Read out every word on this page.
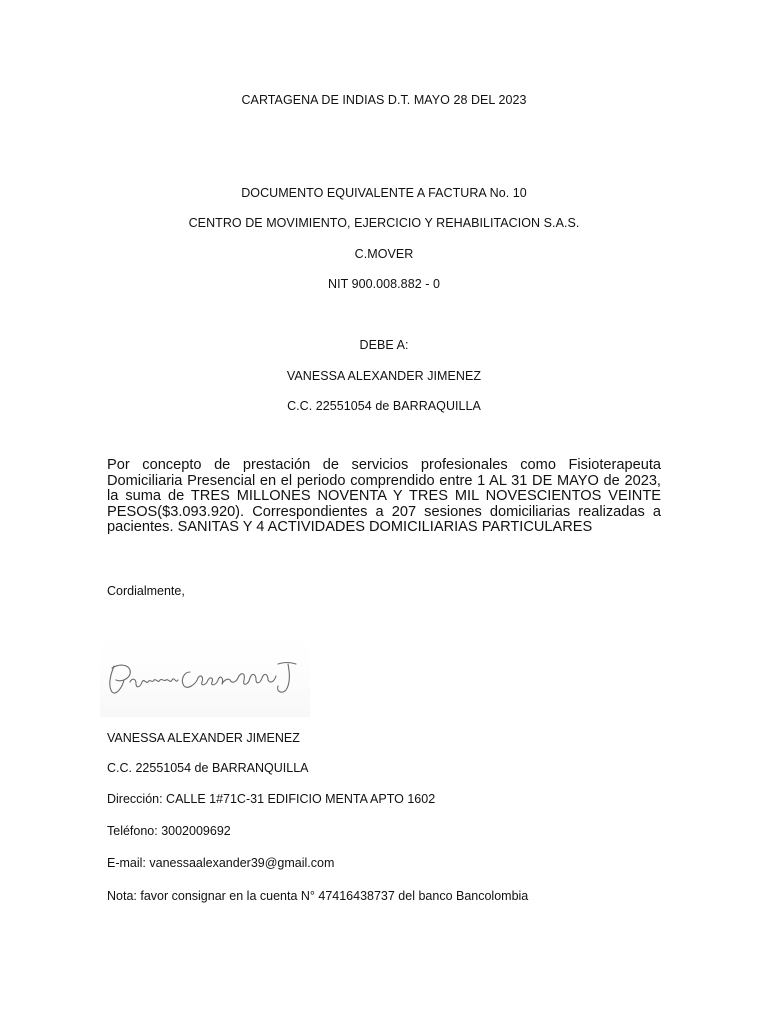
CARTAGENA DE INDIAS D.T. MAYO 28 DEL 2023
DOCUMENTO EQUIVALENTE A FACTURA No. 10
CENTRO DE MOVIMIENTO, EJERCICIO Y REHABILITACION S.A.S.
C.MOVER
NIT 900.008.882 - 0
DEBE A:
VANESSA ALEXANDER JIMENEZ
C.C. 22551054 de BARRAQUILLA
Por concepto de prestación de servicios profesionales como Fisioterapeuta Domiciliaria Presencial en el periodo comprendido entre 1 AL 31 DE MAYO de 2023, la suma de TRES MILLONES NOVENTA Y TRES MIL NOVESCIENTOS VEINTE PESOS($3.093.920). Correspondientes a 207 sesiones domiciliarias realizadas a pacientes. SANITAS Y 4 ACTIVIDADES DOMICILIARIAS PARTICULARES
Cordialmente,
VANESSA ALEXANDER JIMENEZ
C.C. 22551054 de BARRANQUILLA
Dirección: CALLE 1#71C-31 EDIFICIO MENTA APTO 1602
Teléfono: 3002009692
E-mail: vanessaalexander39@gmail.com
Nota: favor consignar en la cuenta N° 47416438737 del banco Bancolombia
